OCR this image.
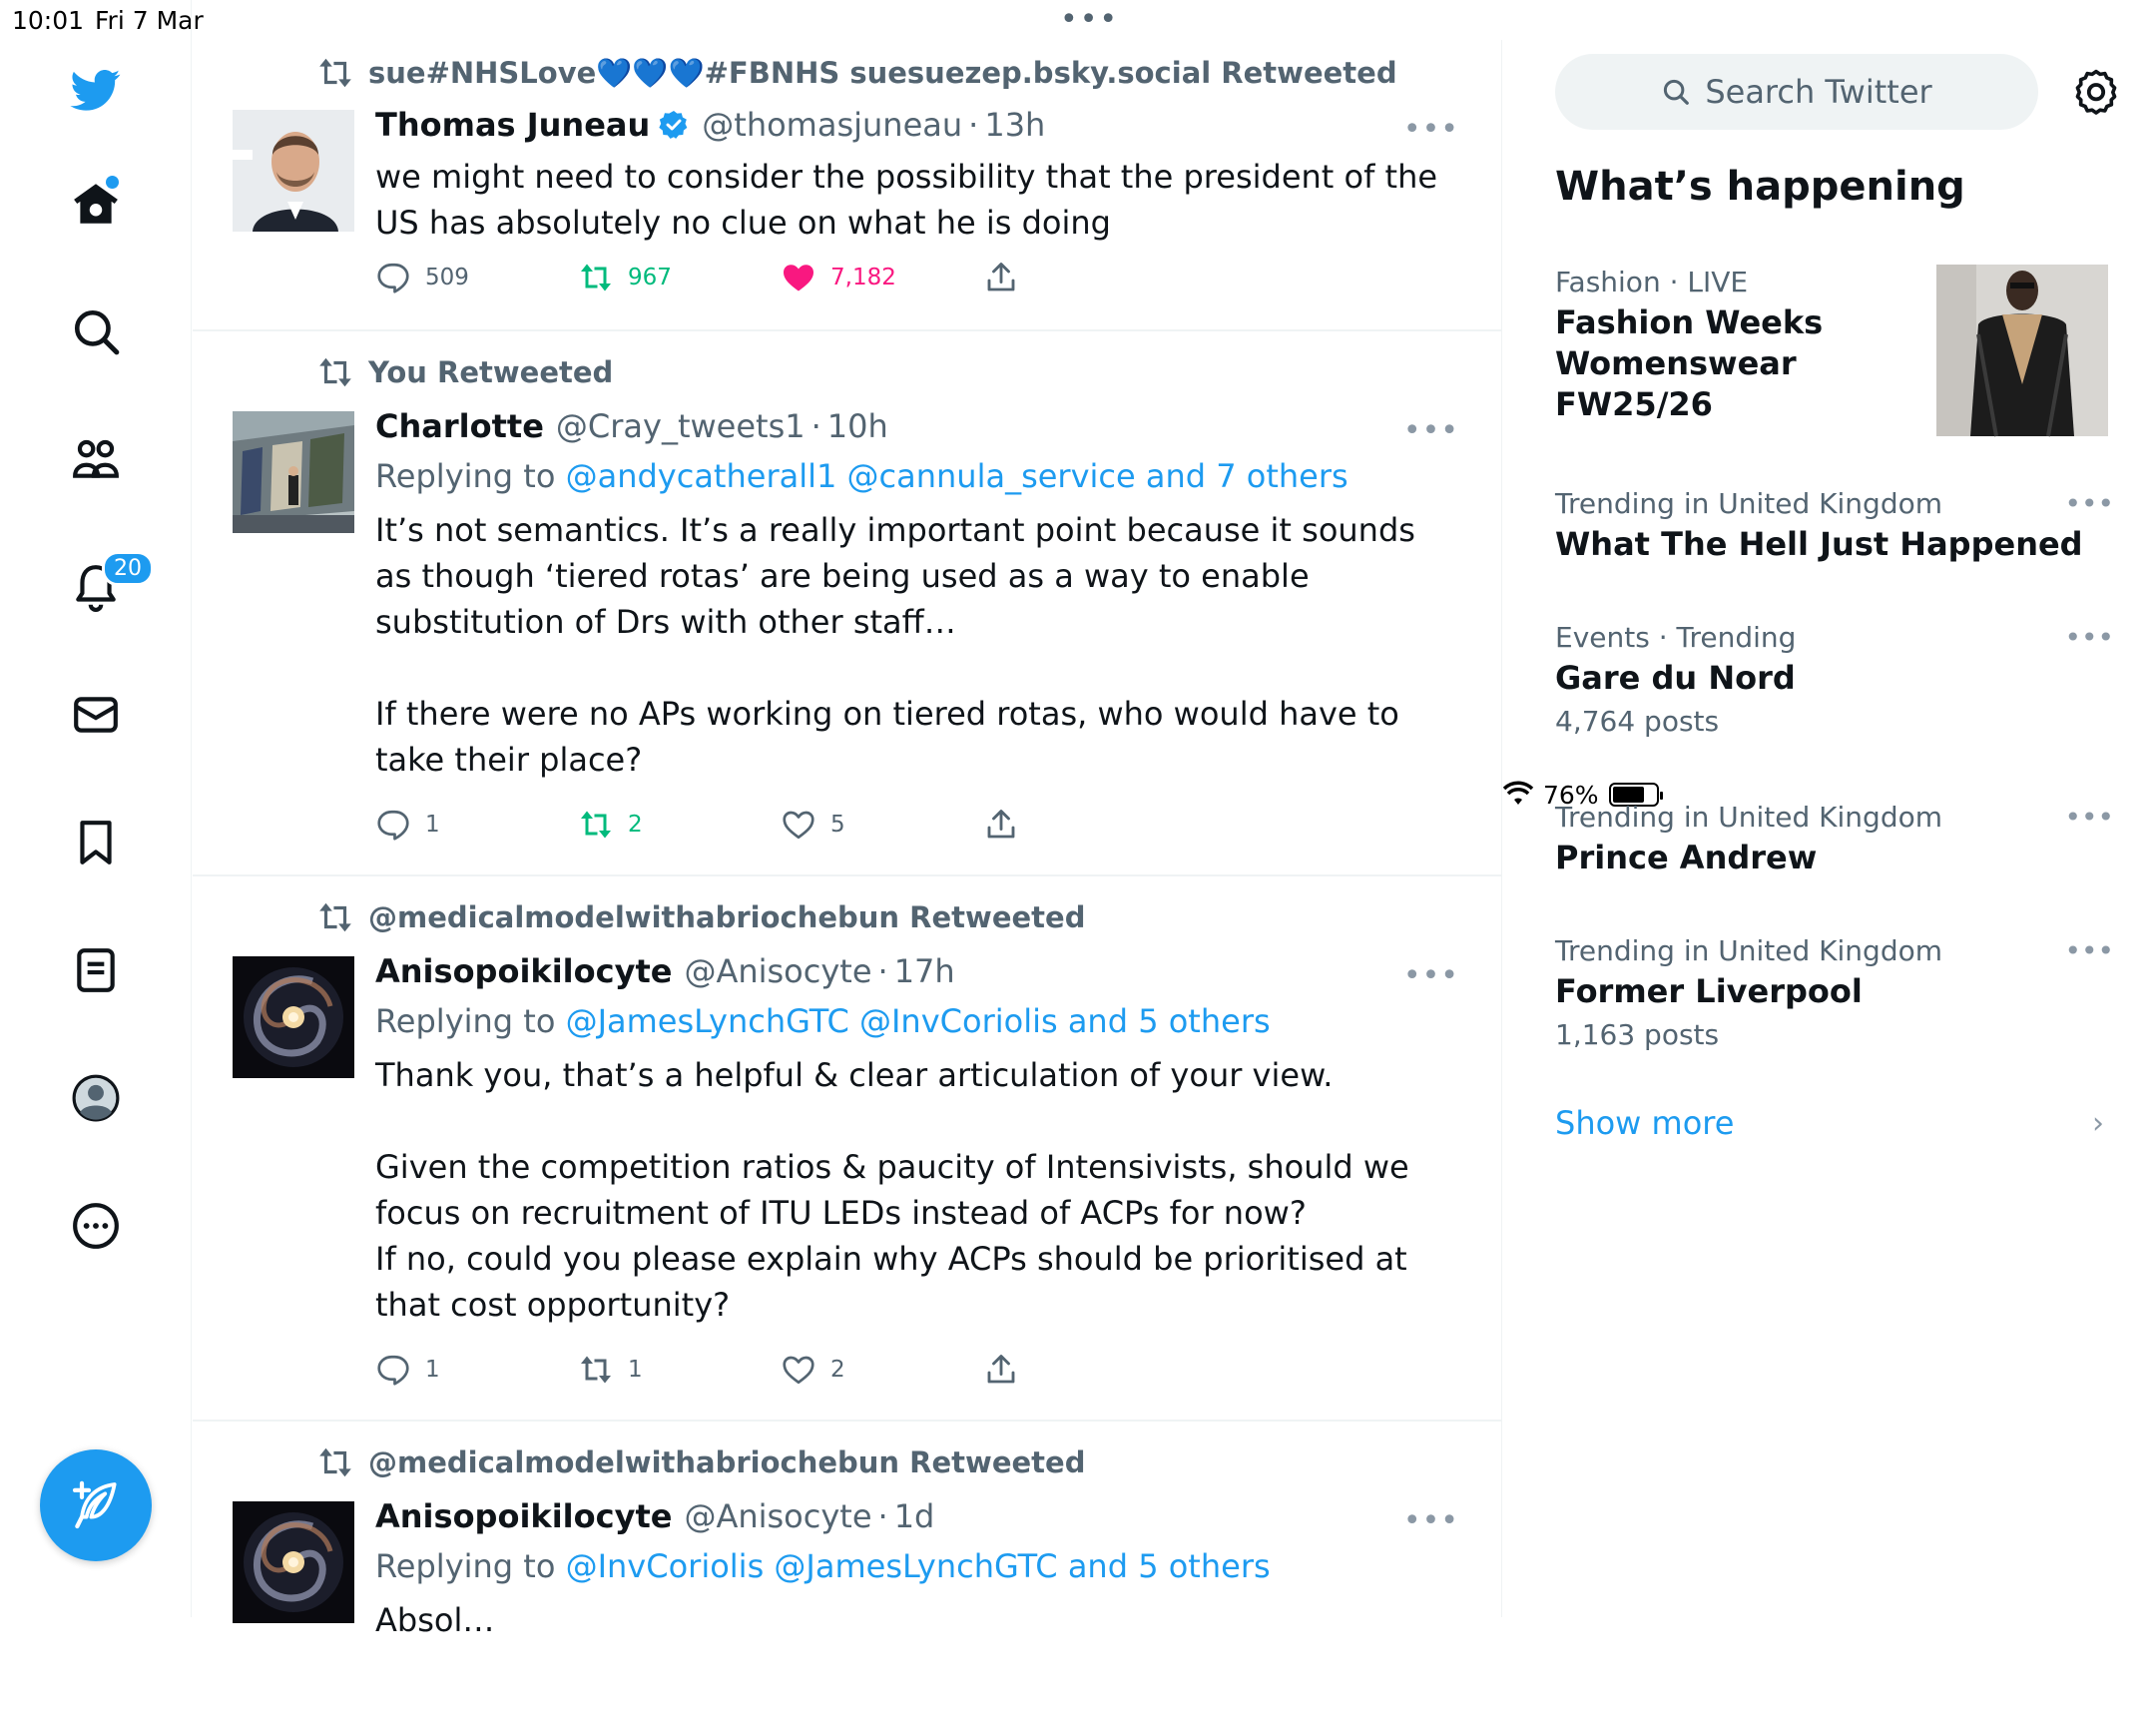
10:01 Fri 7 Mar	•••
76%
20
sue#NHSLove💙💙💙#FBNHS suesuezep.bsky.social Retweeted
Thomas Juneau @thomasjuneau · 13h	•••

we might need to consider the possibility that the president of the US has absolutely no clue on what he is doing

509	967	7,182
You Retweeted
Charlotte @Cray_tweets1 · 10h	•••
Replying to @andycatherall1 @cannula_service and 7 others

It’s not semantics. It’s a really important point because it sounds as though ‘tiered rotas’ are being used as a way to enable substitution of Drs with other staff…

If there were no APs working on tiered rotas, who would have to take their place?

1	2	5
@medicalmodelwithabriochebun Retweeted
Anisopoikilocyte @Anisocyte · 17h	•••
Replying to @JamesLynchGTC @InvCoriolis and 5 others

Thank you, that’s a helpful & clear articulation of your view.

Given the competition ratios & paucity of Intensivists, should we focus on recruitment of ITU LEDs instead of ACPs for now?

If no, could you please explain why ACPs should be prioritised at that cost opportunity?

1	1	2
@medicalmodelwithabriochebun Retweeted
Anisopoikilocyte @Anisocyte · 1d	•••
Replying to @InvCoriolis @JamesLynchGTC and 5 others

Absol…

Search Twitter
What’s happening
Fashion · LIVE
Fashion Weeks Womenswear FW25/26
Trending in United Kingdom
What The Hell Just Happened
•••
Events · Trending
Gare du Nord
4,764 posts
•••
Trending in United Kingdom
Prince Andrew
•••
Trending in United Kingdom
Former Liverpool
1,163 posts
•••
Show more	›
